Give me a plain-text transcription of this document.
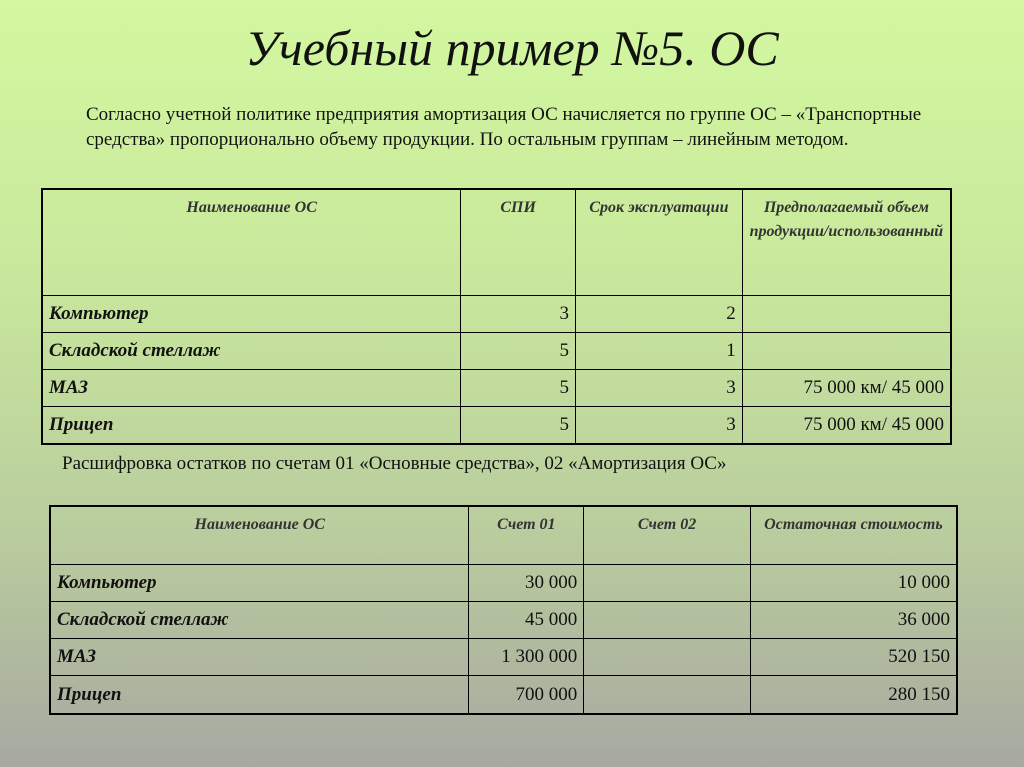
Учебный пример №5. ОС

Согласно учетной политике предприятия амортизация ОС начисляется по группе ОС – «Транспортные средства» пропорционально объему продукции. По остальным группам – линейным методом.

Наименование ОС	СПИ	Срок эксплуатации	Предполагаемый объем продукции/использованный
Компьютер	3	2	
Складской стеллаж	5	1	
МАЗ	5	3	75 000 км/ 45 000
Прицеп	5	3	75 000 км/ 45 000

Расшифровка остатков по счетам 01 «Основные средства», 02 «Амортизация ОС»

Наименование ОС	Счет 01	Счет 02	Остаточная стоимость
Компьютер	30 000		10 000
Складской стеллаж	45 000		36 000
МАЗ	1 300 000		520 150
Прицеп	700 000		280 150
